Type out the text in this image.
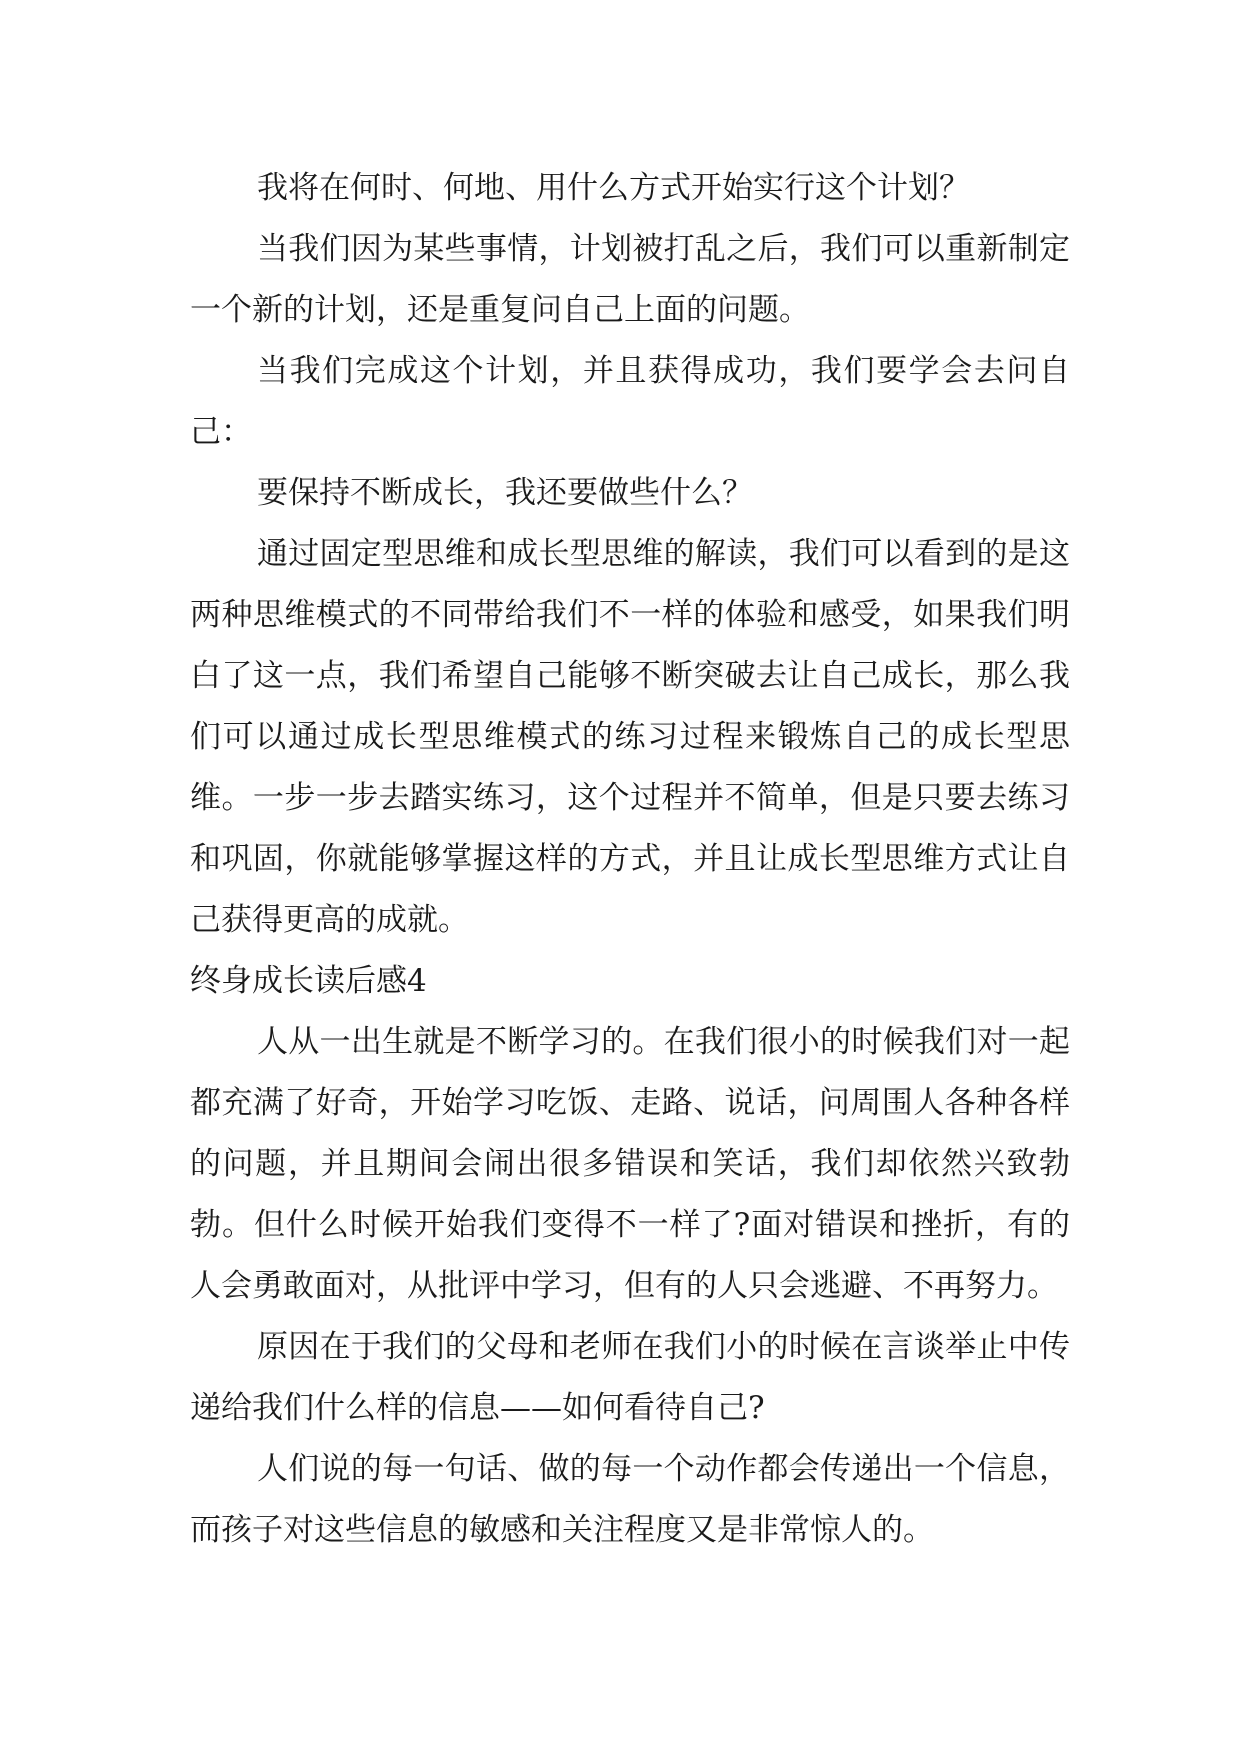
我将在何时、何地、用什么方式开始实行这个计划？

当我们因为某些事情，计划被打乱之后，我们可以重新制定一个新的计划，还是重复问自己上面的问题。

当我们完成这个计划，并且获得成功，我们要学会去问自己：

要保持不断成长，我还要做些什么？

通过固定型思维和成长型思维的解读，我们可以看到的是这两种思维模式的不同带给我们不一样的体验和感受，如果我们明白了这一点，我们希望自己能够不断突破去让自己成长，那么我们可以通过成长型思维模式的练习过程来锻炼自己的成长型思维。一步一步去踏实练习，这个过程并不简单，但是只要去练习和巩固，你就能够掌握这样的方式，并且让成长型思维方式让自己获得更高的成就。

终身成长读后感4

人从一出生就是不断学习的。在我们很小的时候我们对一起都充满了好奇，开始学习吃饭、走路、说话，问周围人各种各样的问题，并且期间会闹出很多错误和笑话，我们却依然兴致勃勃。但什么时候开始我们变得不一样了?面对错误和挫折，有的人会勇敢面对，从批评中学习，但有的人只会逃避、不再努力。

原因在于我们的父母和老师在我们小的时候在言谈举止中传递给我们什么样的信息——如何看待自己?

人们说的每一句话、做的每一个动作都会传递出一个信息，而孩子对这些信息的敏感和关注程度又是非常惊人的。
